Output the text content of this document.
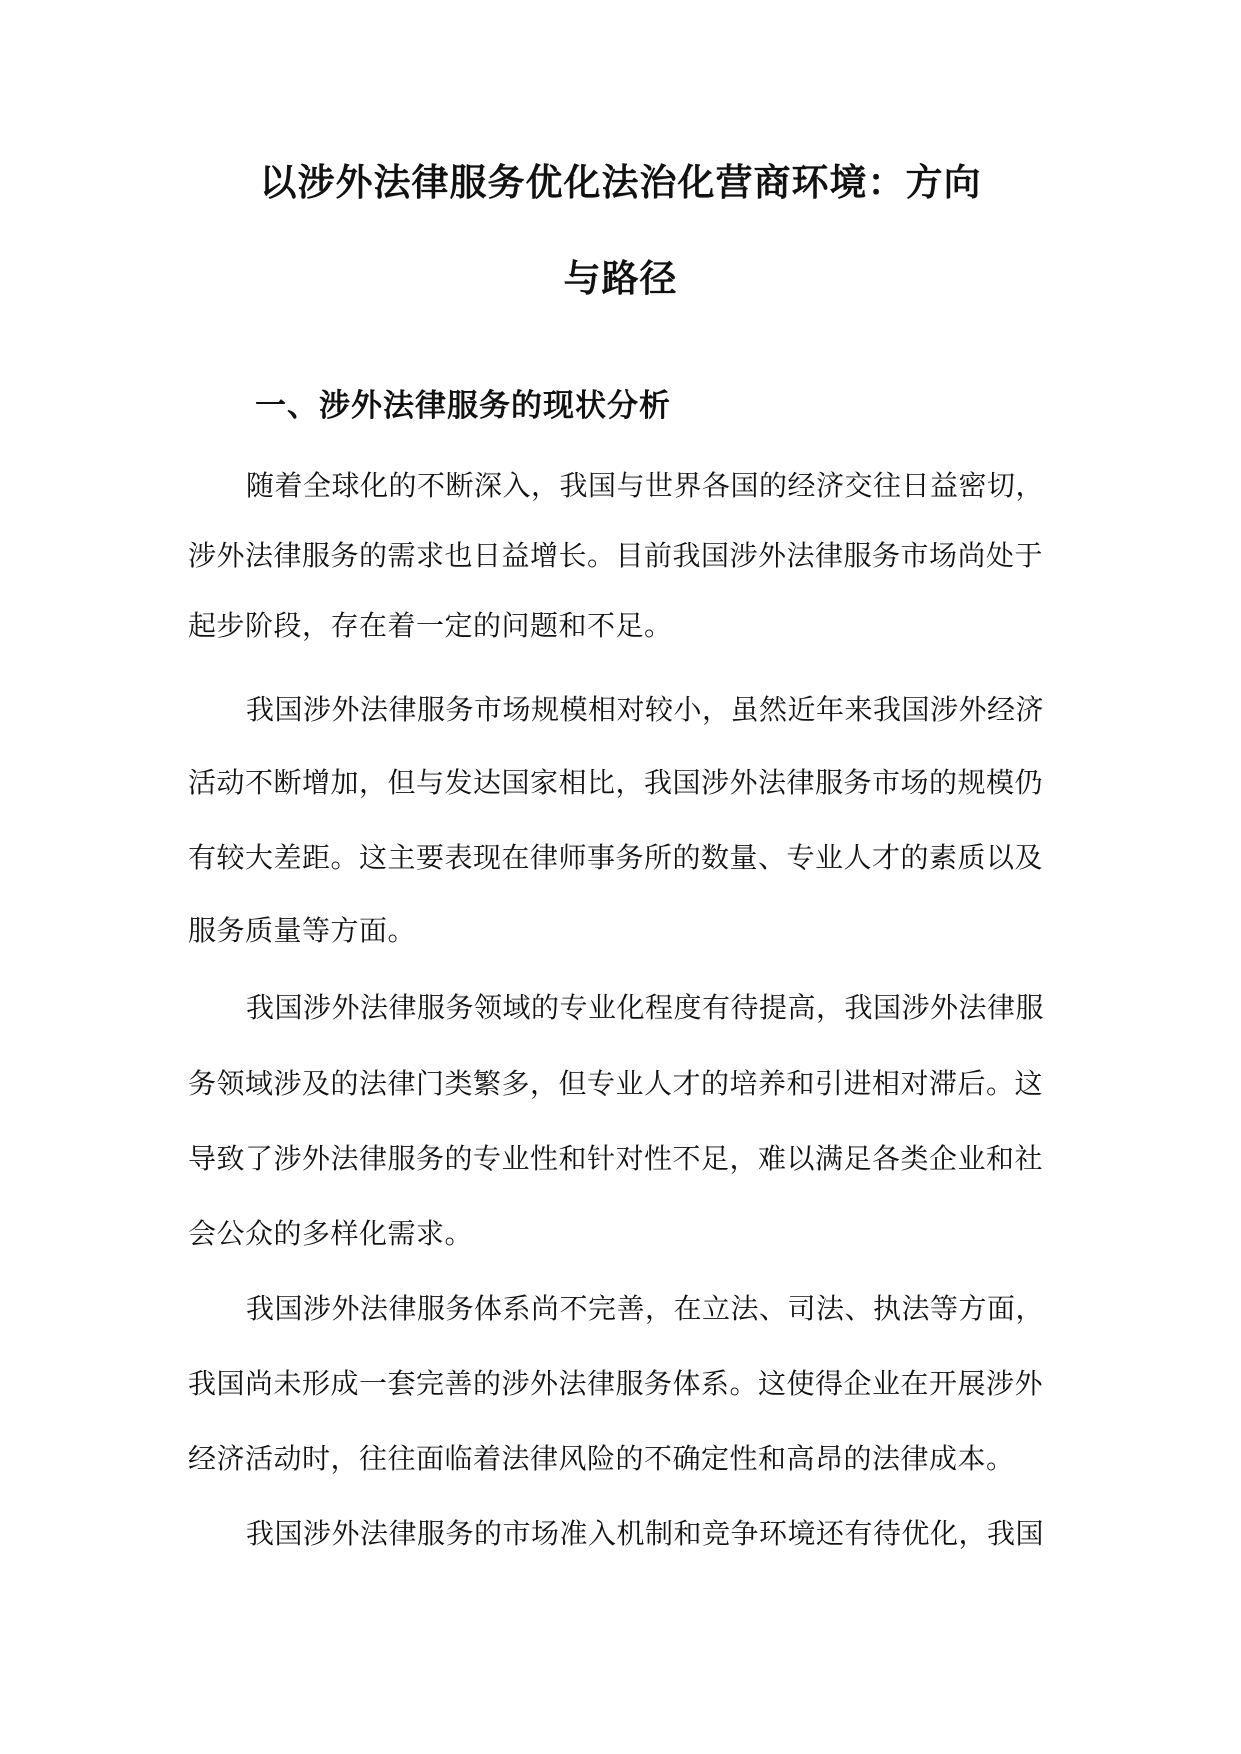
以涉外法律服务优化法治化营商环境：方向
与路径
一、涉外法律服务的现状分析
随着全球化的不断深入，我国与世界各国的经济交往日益密切，
涉外法律服务的需求也日益增长。目前我国涉外法律服务市场尚处于
起步阶段，存在着一定的问题和不足。
我国涉外法律服务市场规模相对较小，虽然近年来我国涉外经济
活动不断增加，但与发达国家相比，我国涉外法律服务市场的规模仍
有较大差距。这主要表现在律师事务所的数量、专业人才的素质以及
服务质量等方面。
我国涉外法律服务领域的专业化程度有待提高，我国涉外法律服
务领域涉及的法律门类繁多，但专业人才的培养和引进相对滞后。这
导致了涉外法律服务的专业性和针对性不足，难以满足各类企业和社
会公众的多样化需求。
我国涉外法律服务体系尚不完善，在立法、司法、执法等方面，
我国尚未形成一套完善的涉外法律服务体系。这使得企业在开展涉外
经济活动时，往往面临着法律风险的不确定性和高昂的法律成本。
我国涉外法律服务的市场准入机制和竞争环境还有待优化，我国
